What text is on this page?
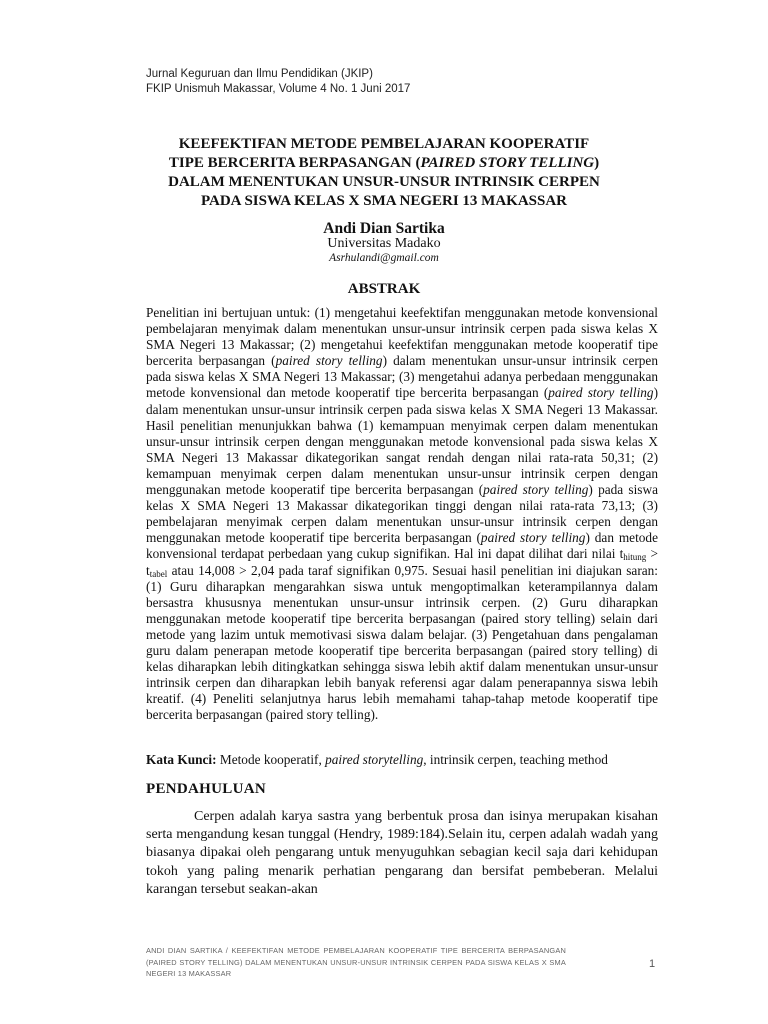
Jurnal Keguruan dan Ilmu Pendidikan (JKIP)
FKIP Unismuh Makassar, Volume 4 No. 1 Juni 2017
KEEFEKTIFAN METODE PEMBELAJARAN KOOPERATIF
TIPE BERCERITA BERPASANGAN (PAIRED STORY TELLING)
DALAM MENENTUKAN UNSUR-UNSUR INTRINSIK CERPEN
PADA SISWA KELAS X SMA NEGERI 13 MAKASSAR
Andi Dian Sartika
Universitas Madako
Asrhulandi@gmail.com
ABSTRAK
Penelitian ini bertujuan untuk: (1) mengetahui keefektifan menggunakan metode konvensional pembelajaran menyimak dalam menentukan unsur-unsur intrinsik cerpen pada siswa kelas X SMA Negeri 13 Makassar; (2) mengetahui keefektifan menggunakan metode kooperatif tipe bercerita berpasangan (paired story telling) dalam menentukan unsur-unsur intrinsik cerpen pada siswa kelas X SMA Negeri 13 Makassar; (3) mengetahui adanya perbedaan menggunakan metode konvensional dan metode kooperatif tipe bercerita berpasangan (paired story telling) dalam menentukan unsur-unsur intrinsik cerpen pada siswa kelas X SMA Negeri 13 Makassar. Hasil penelitian menunjukkan bahwa (1) kemampuan menyimak cerpen dalam menentukan unsur-unsur intrinsik cerpen dengan menggunakan metode konvensional pada siswa kelas X SMA Negeri 13 Makassar dikategorikan sangat rendah dengan nilai rata-rata 50,31; (2) kemampuan menyimak cerpen dalam menentukan unsur-unsur intrinsik cerpen dengan menggunakan metode kooperatif tipe bercerita berpasangan (paired story telling) pada siswa kelas X SMA Negeri 13 Makassar dikategorikan tinggi dengan nilai rata-rata 73,13; (3) pembelajaran menyimak cerpen dalam menentukan unsur-unsur intrinsik cerpen dengan menggunakan metode kooperatif tipe bercerita berpasangan (paired story telling) dan metode konvensional terdapat perbedaan yang cukup signifikan. Hal ini dapat dilihat dari nilai $t_{hitung} > t_{tabel}$ atau 14,008 > 2,04 pada taraf signifikan 0,975. Sesuai hasil penelitian ini diajukan saran: (1) Guru diharapkan mengarahkan siswa untuk mengoptimalkan keterampilannya dalam bersastra khususnya menentukan unsur-unsur intrinsik cerpen. (2) Guru diharapkan menggunakan metode kooperatif tipe bercerita berpasangan (paired story telling) selain dari metode yang lazim untuk memotivasi siswa dalam belajar. (3) Pengetahuan dans pengalaman guru dalam penerapan metode kooperatif tipe bercerita berpasangan (paired story telling) di kelas diharapkan lebih ditingkatkan sehingga siswa lebih aktif dalam menentukan unsur-unsur intrinsik cerpen dan diharapkan lebih banyak referensi agar dalam penerapannya siswa lebih kreatif. (4) Peneliti selanjutnya harus lebih memahami tahap-tahap metode kooperatif tipe bercerita berpasangan (paired story telling).
Kata Kunci: Metode kooperatif, paired storytelling, intrinsik cerpen, teaching method
PENDAHULUAN
Cerpen adalah karya sastra yang berbentuk prosa dan isinya merupakan kisahan serta mengandung kesan tunggal (Hendry, 1989:184).Selain itu, cerpen adalah wadah yang biasanya dipakai oleh pengarang untuk menyuguhkan sebagian kecil saja dari kehidupan tokoh yang paling menarik perhatian pengarang dan bersifat pembeberan. Melalui karangan tersebut seakan-akan
ANDI DIAN SARTIKA / KEEFEKTIFAN METODE PEMBELAJARAN KOOPERATIF TIPE BERCERITA BERPASANGAN (PAIRED STORY TELLING) DALAM MENENTUKAN UNSUR-UNSUR INTRINSIK CERPEN PADA SISWA KELAS X SMA NEGERI 13 MAKASSAR
1
